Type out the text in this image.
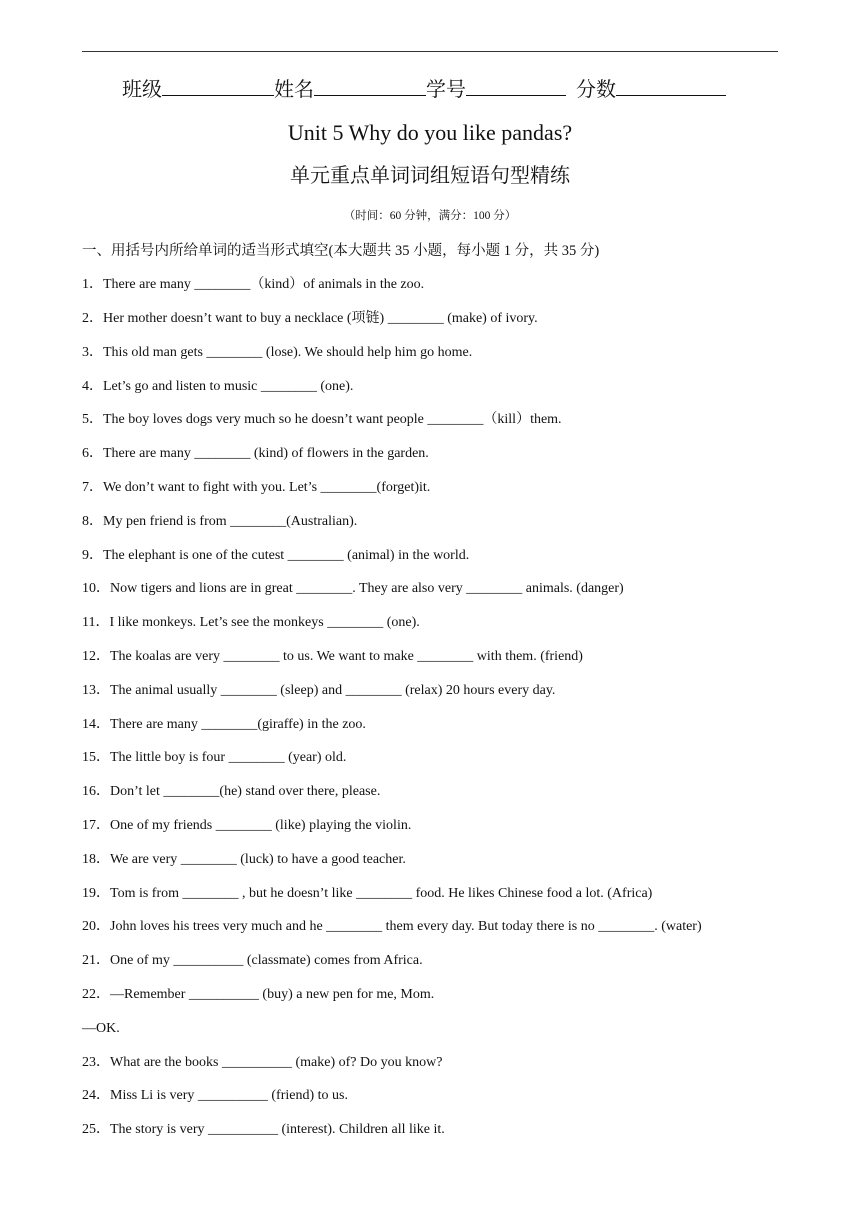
班级	姓名	学号	分数
Unit 5 Why do you like pandas?
单元重点单词词组短语句型精练
（时间：60 分钟，满分：100 分）
一、用括号内所给单词的适当形式填空(本大题共 35 小题，每小题 1 分，共 35 分)
1．There are many ________（kind）of animals in the zoo.
2．Her mother doesn’t want to buy a necklace (项链) ________ (make) of ivory.
3．This old man gets ________ (lose). We should help him go home.
4．Let’s go and listen to music ________ (one).
5．The boy loves dogs very much so he doesn’t want people ________（kill）them.
6．There are many ________ (kind) of flowers in the garden.
7．We don’t want to fight with you. Let’s ________(forget)it.
8．My pen friend is from ________(Australian).
9．The elephant is one of the cutest ________ (animal) in the world.
10．Now tigers and lions are in great ________. They are also very ________ animals. (danger)
11．I like monkeys. Let’s see the monkeys ________ (one).
12．The koalas are very ________ to us. We want to make ________ with them. (friend)
13．The animal usually ________ (sleep) and ________ (relax) 20 hours every day.
14．There are many ________(giraffe) in the zoo.
15．The little boy is four ________ (year) old.
16．Don’t let ________(he) stand over there, please.
17．One of my friends ________ (like) playing the violin.
18．We are very ________ (luck) to have a good teacher.
19．Tom is from ________ , but he doesn’t like ________ food. He likes Chinese food a lot. (Africa)
20．John loves his trees very much and he ________ them every day. But today there is no ________. (water)
21．One of my __________ (classmate) comes from Africa.
22．—Remember __________ (buy) a new pen for me, Mom.
—OK.
23．What are the books __________ (make) of? Do you know?
24．Miss Li is very __________ (friend) to us.
25．The story is very __________ (interest). Children all like it.
